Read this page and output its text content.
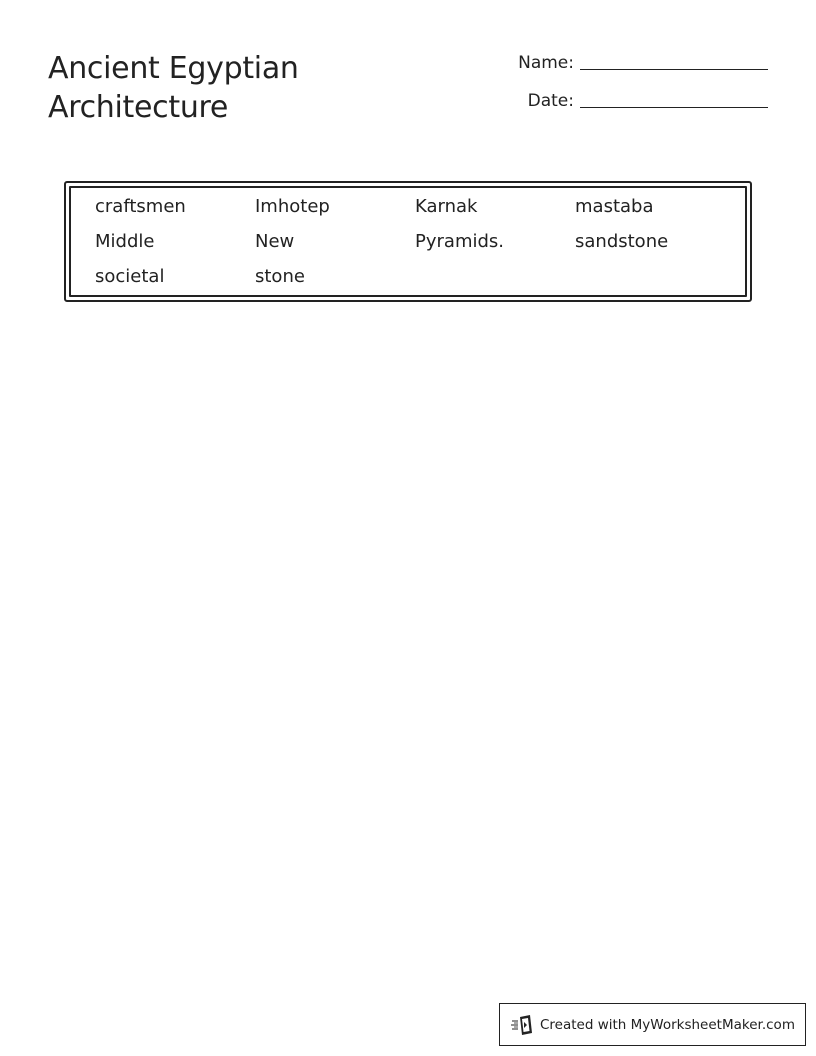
Ancient Egyptian
Architecture
Name:
Date:
craftsmen	Imhotep	Karnak	mastaba
Middle	New	Pyramids.	sandstone
societal	stone
Created with MyWorksheetMaker.com
